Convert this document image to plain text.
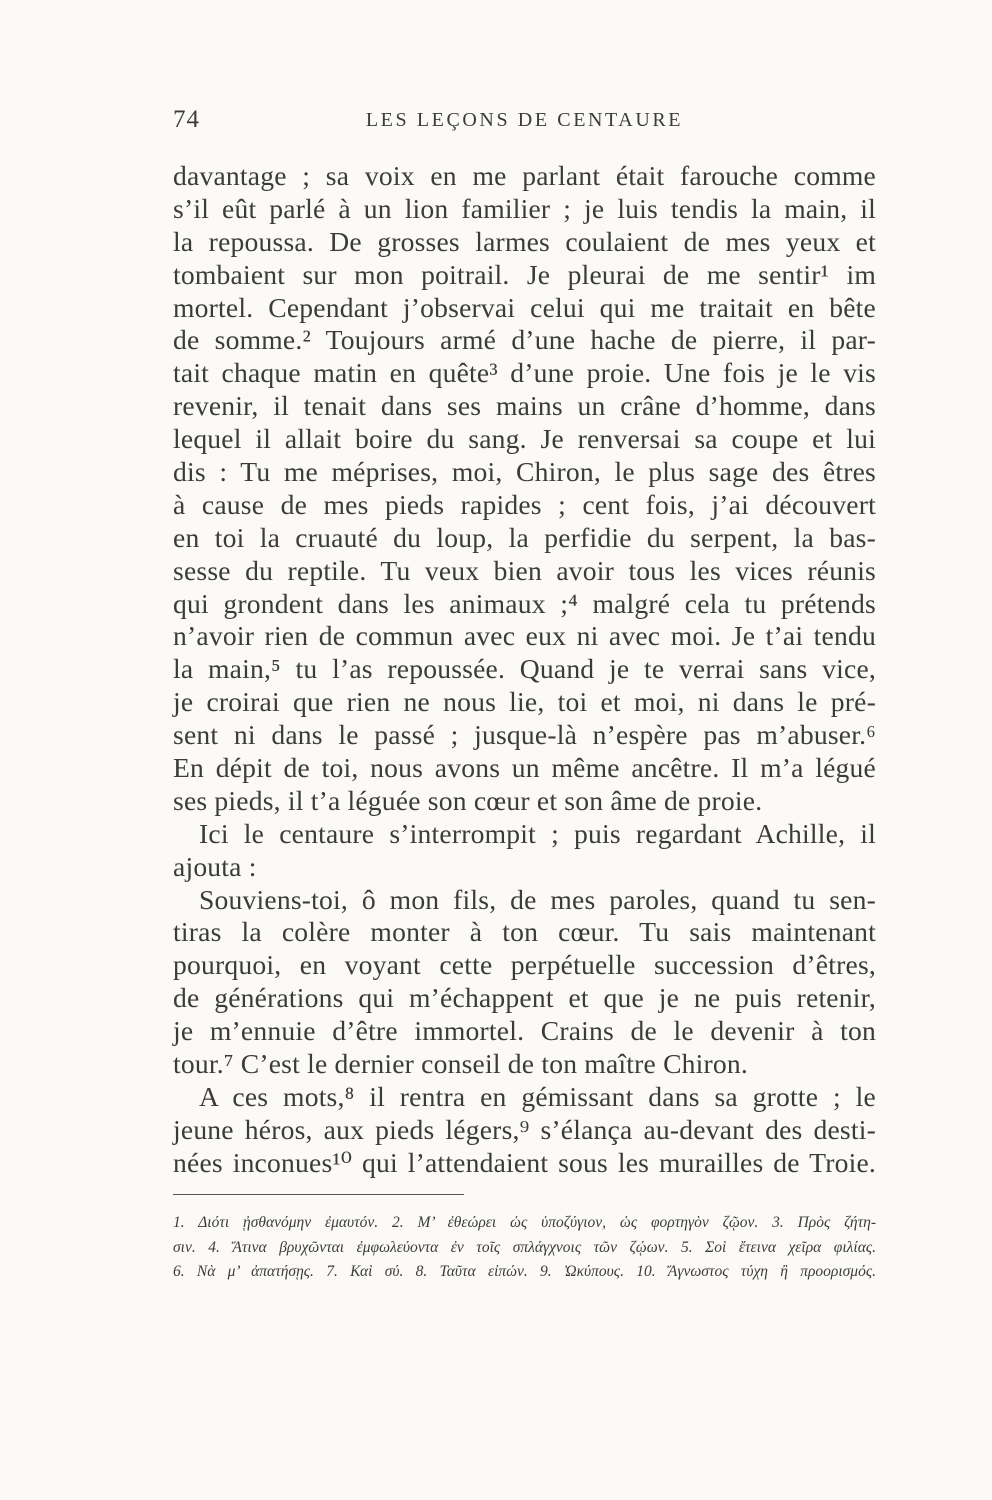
74	LES LEÇONS DE CENTAURE
davantage ; sa voix en me parlant était farouche comme
s’il eût parlé à un lion familier ; je luis tendis la main, il
la repoussa. De grosses larmes coulaient de mes yeux et
tombaient sur mon poitrail. Je pleurai de me sentir¹ im
mortel. Cependant j’observai celui qui me traitait en bête
de somme.² Toujours armé d’une hache de pierre, il par-
tait chaque matin en quête³ d’une proie. Une fois je le vis
revenir, il tenait dans ses mains un crâne d’homme, dans
lequel il allait boire du sang. Je renversai sa coupe et lui
dis : Tu me méprises, moi, Chiron, le plus sage des êtres
à cause de mes pieds rapides ; cent fois, j’ai découvert
en toi la cruauté du loup, la perfidie du serpent, la bas-
sesse du reptile. Tu veux bien avoir tous les vices réunis
qui grondent dans les animaux ;⁴ malgré cela tu prétends
n’avoir rien de commun avec eux ni avec moi. Je t’ai tendu
la main,⁵ tu l’as repoussée. Quand je te verrai sans vice,
je croirai que rien ne nous lie, toi et moi, ni dans le pré-
sent ni dans le passé ; jusque-là n’espère pas m’abuser.⁶
En dépit de toi, nous avons un même ancêtre. Il m’a légué
ses pieds, il t’a léguée son cœur et son âme de proie.
Ici le centaure s’interrompit ; puis regardant Achille, il
ajouta :
Souviens-toi, ô mon fils, de mes paroles, quand tu sen-
tiras la colère monter à ton cœur. Tu sais maintenant
pourquoi, en voyant cette perpétuelle succession d’êtres,
de générations qui m’échappent et que je ne puis retenir,
je m’ennuie d’être immortel. Crains de le devenir à ton
tour.⁷ C’est le dernier conseil de ton maître Chiron.
A ces mots,⁸ il rentra en gémissant dans sa grotte ; le
jeune héros, aux pieds légers,⁹ s’élança au-devant des desti-
nées inconues¹⁰ qui l’attendaient sous les murailles de Troie.
1. Διότι ᾐσθανόμην ἐμαυτόν. 2. Μ’ ἐθεώρει ὡς ὑποζύγιον, ὡς φορτηγὸν ζῷον. 3. Πρὸς ζήτη-
σιν. 4. Ἅτινα βρυχῶνται ἐμφωλεύοντα ἐν τοῖς σπλάγχνοις τῶν ζῴων. 5. Σοὶ ἔτεινα χεῖρα φιλίας.
6. Νὰ μ’ ἀπατήσῃς. 7. Καὶ σύ. 8. Ταῦτα εἰπών. 9. Ὠκύπους. 10. Ἄγνωστος τύχη ἢ προορισμός.
